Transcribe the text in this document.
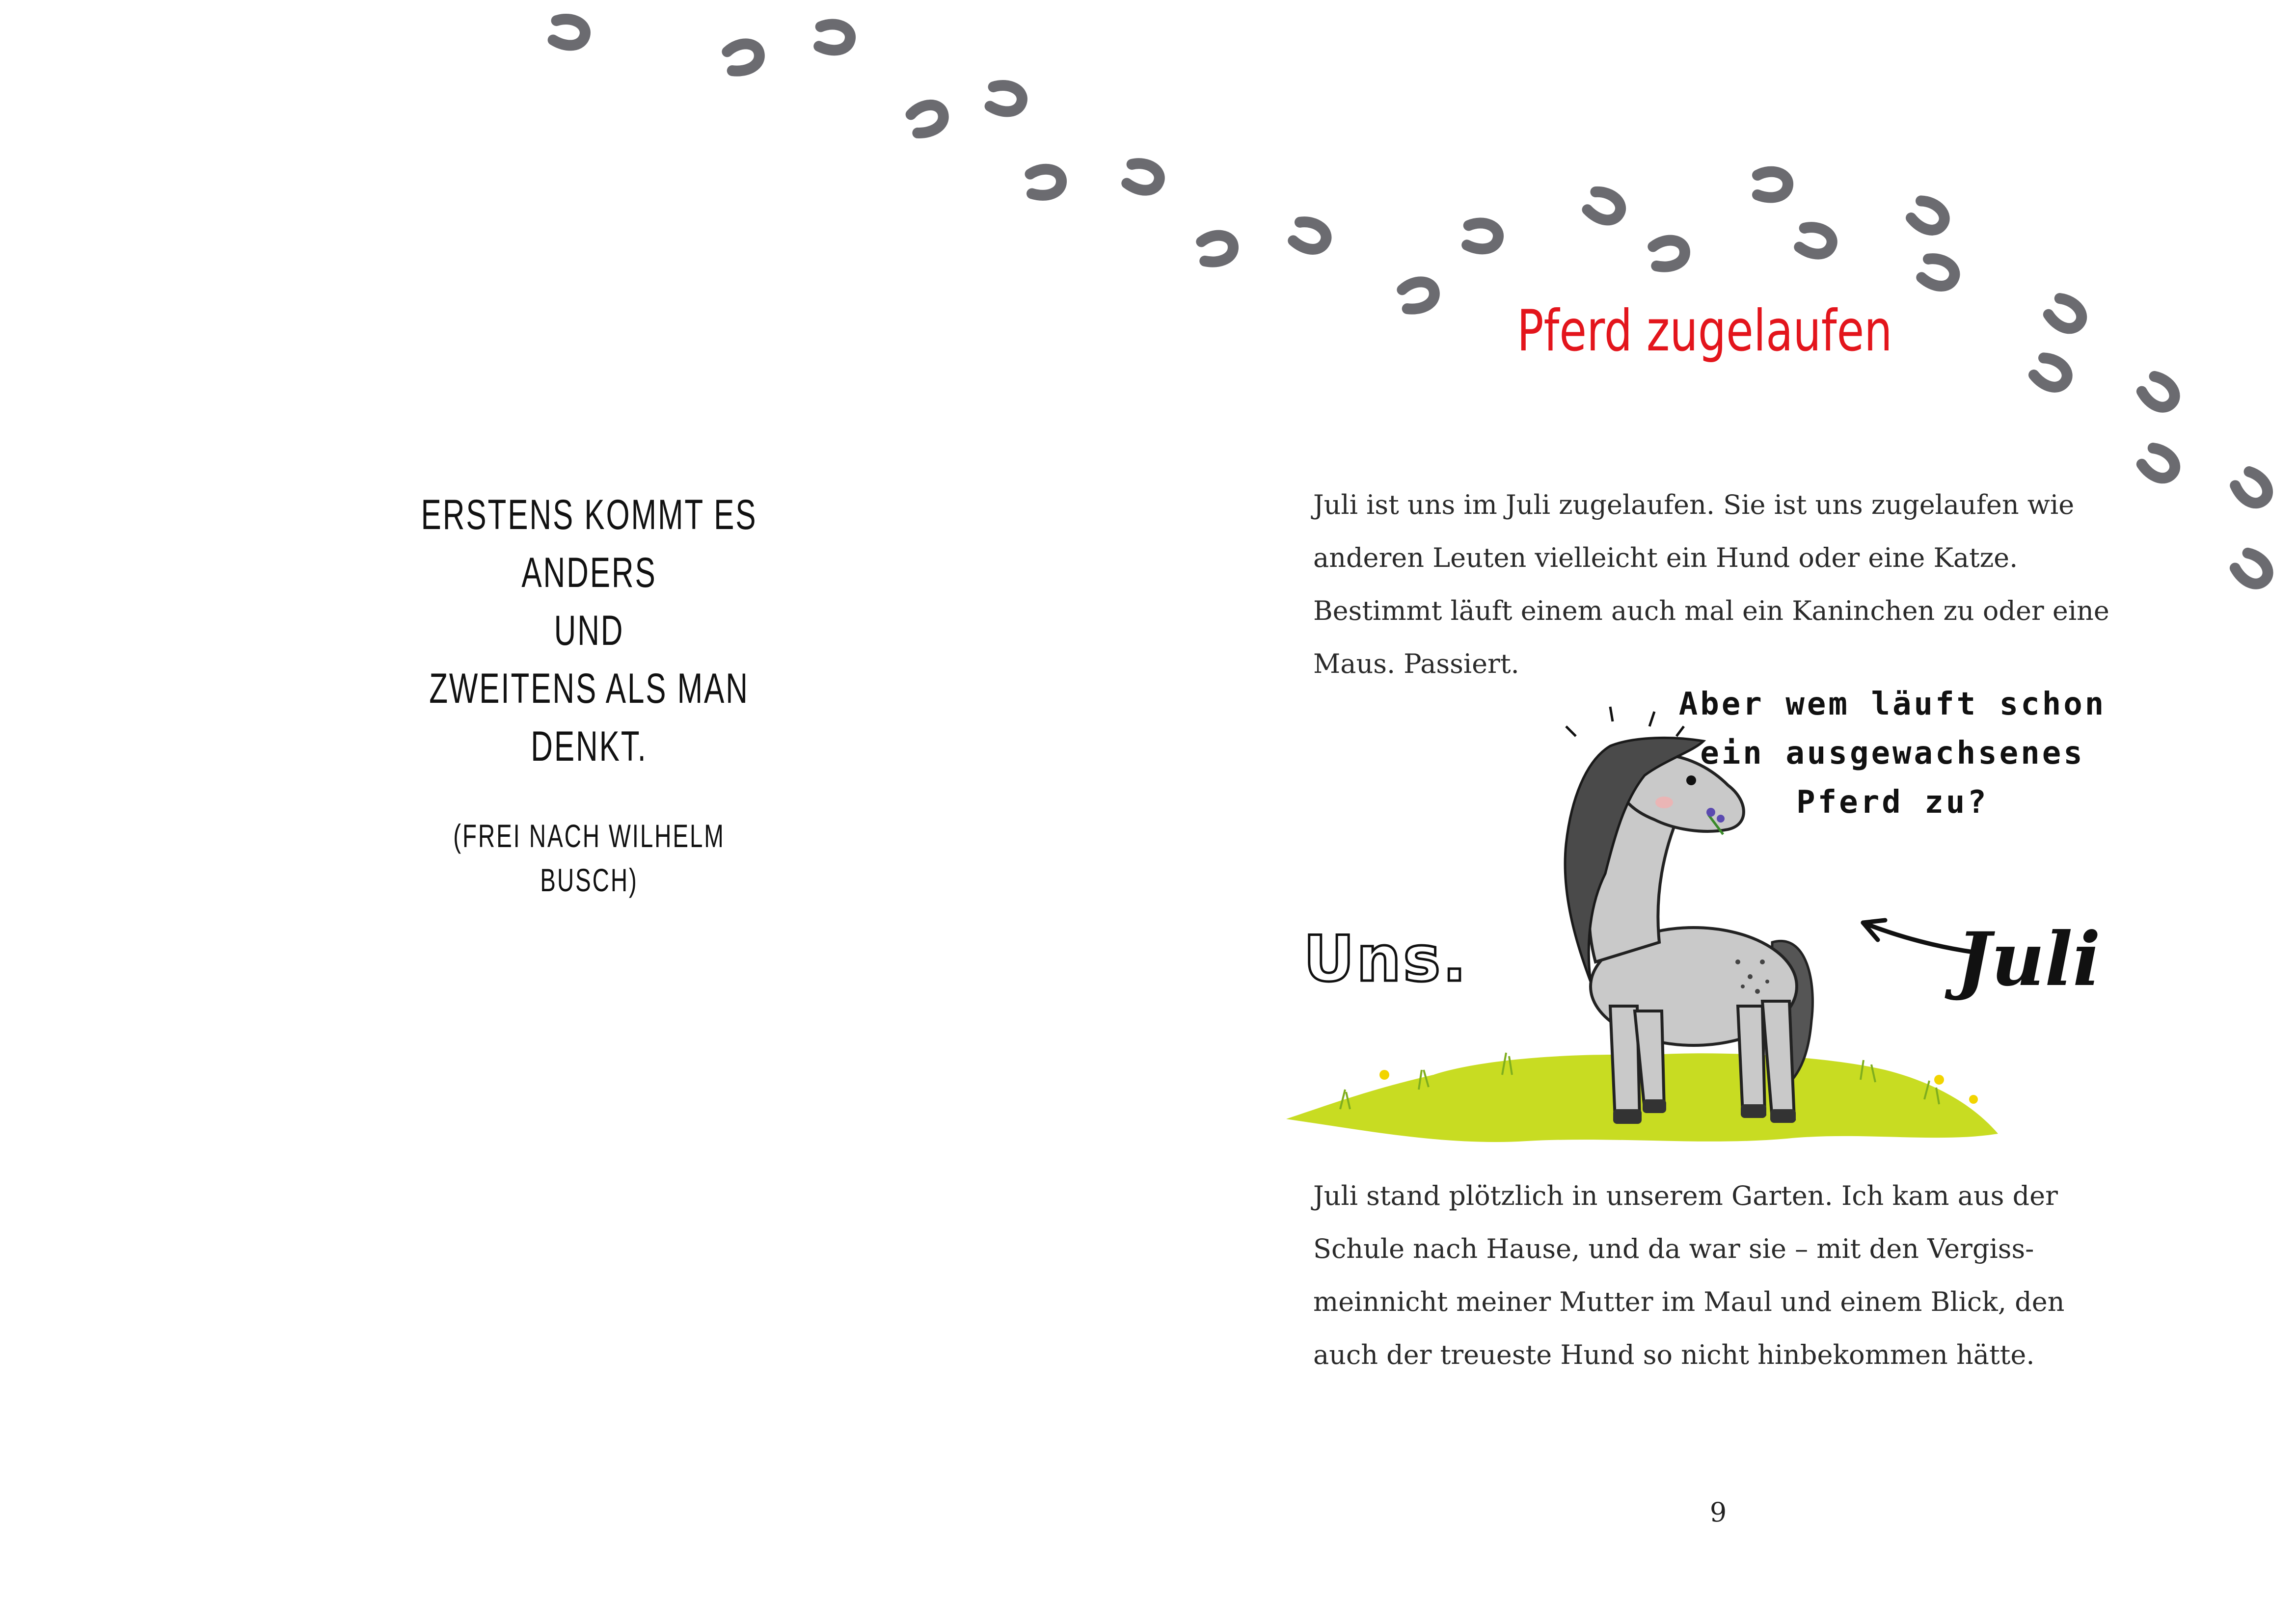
ERSTENS KOMMT ES ANDERS
UND
ZWEITENS ALS MAN DENKT.
(FREI NACH WILHELM BUSCH)
Pferd zugelaufen
Juli ist uns im Juli zugelaufen. Sie ist uns zugelaufen wie
anderen Leuten vielleicht ein Hund oder eine Katze.
Bestimmt läuft einem auch mal ein Kaninchen zu oder eine
Maus. Passiert.
Aber wem läuft schon
ein ausgewachsenes
Pferd zu?
Uns.	Juli
Juli stand plötzlich in unserem Garten. Ich kam aus der
Schule nach Hause, und da war sie – mit den Vergiss-
meinnicht meiner Mutter im Maul und einem Blick, den
auch der treueste Hund so nicht hinbekommen hätte.
9
